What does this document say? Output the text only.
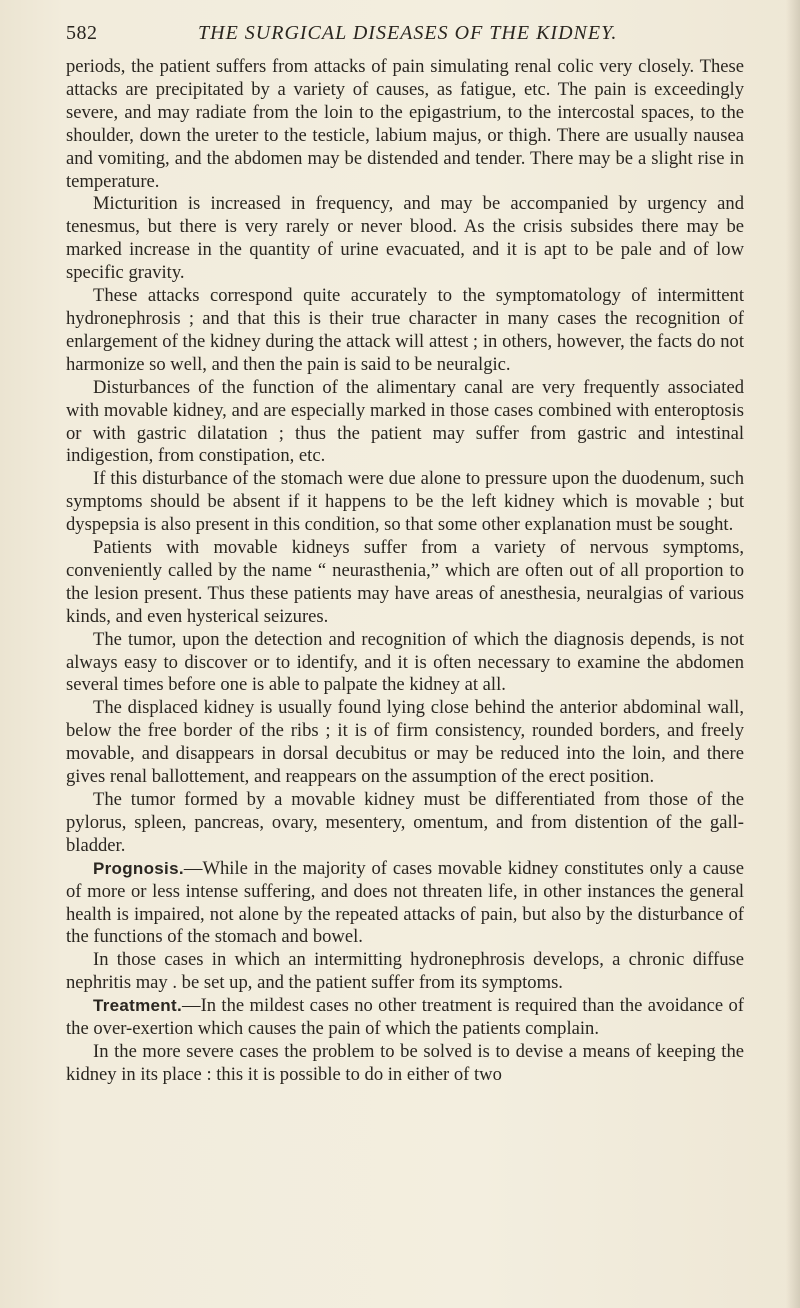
582	THE SURGICAL DISEASES OF THE KIDNEY.

periods, the patient suffers from attacks of pain simulating renal colic very closely. These attacks are precipitated by a variety of causes, as fatigue, etc. The pain is exceedingly severe, and may radiate from the loin to the epigastrium, to the intercostal spaces, to the shoulder, down the ureter to the testicle, labium majus, or thigh. There are usually nausea and vomiting, and the abdomen may be distended and tender. There may be a slight rise in temperature.

Micturition is increased in frequency, and may be accompanied by urgency and tenesmus, but there is very rarely or never blood. As the crisis subsides there may be marked increase in the quantity of urine evacuated, and it is apt to be pale and of low specific gravity.

These attacks correspond quite accurately to the symptomatology of intermittent hydronephrosis ; and that this is their true character in many cases the recognition of enlargement of the kidney during the attack will attest ; in others, however, the facts do not harmonize so well, and then the pain is said to be neuralgic.

Disturbances of the function of the alimentary canal are very frequently associated with movable kidney, and are especially marked in those cases combined with enteroptosis or with gastric dilatation ; thus the patient may suffer from gastric and intestinal indigestion, from constipation, etc.

If this disturbance of the stomach were due alone to pressure upon the duodenum, such symptoms should be absent if it happens to be the left kidney which is movable ; but dyspepsia is also present in this condition, so that some other explanation must be sought.

Patients with movable kidneys suffer from a variety of nervous symptoms, conveniently called by the name “ neurasthenia,” which are often out of all proportion to the lesion present. Thus these patients may have areas of anesthesia, neuralgias of various kinds, and even hysterical seizures.

The tumor, upon the detection and recognition of which the diagnosis depends, is not always easy to discover or to identify, and it is often necessary to examine the abdomen several times before one is able to palpate the kidney at all.

The displaced kidney is usually found lying close behind the anterior abdominal wall, below the free border of the ribs ; it is of firm consistency, rounded borders, and freely movable, and disappears in dorsal decubitus or may be reduced into the loin, and there gives renal ballottement, and reappears on the assumption of the erect position.

The tumor formed by a movable kidney must be differentiated from those of the pylorus, spleen, pancreas, ovary, mesentery, omentum, and from distention of the gall-bladder.

Prognosis.—While in the majority of cases movable kidney constitutes only a cause of more or less intense suffering, and does not threaten life, in other instances the general health is impaired, not alone by the repeated attacks of pain, but also by the disturbance of the functions of the stomach and bowel.

In those cases in which an intermitting hydronephrosis develops, a chronic diffuse nephritis may . be set up, and the patient suffer from its symptoms.

Treatment.—In the mildest cases no other treatment is required than the avoidance of the over-exertion which causes the pain of which the patients complain.

In the more severe cases the problem to be solved is to devise a means of keeping the kidney in its place : this it is possible to do in either of two
